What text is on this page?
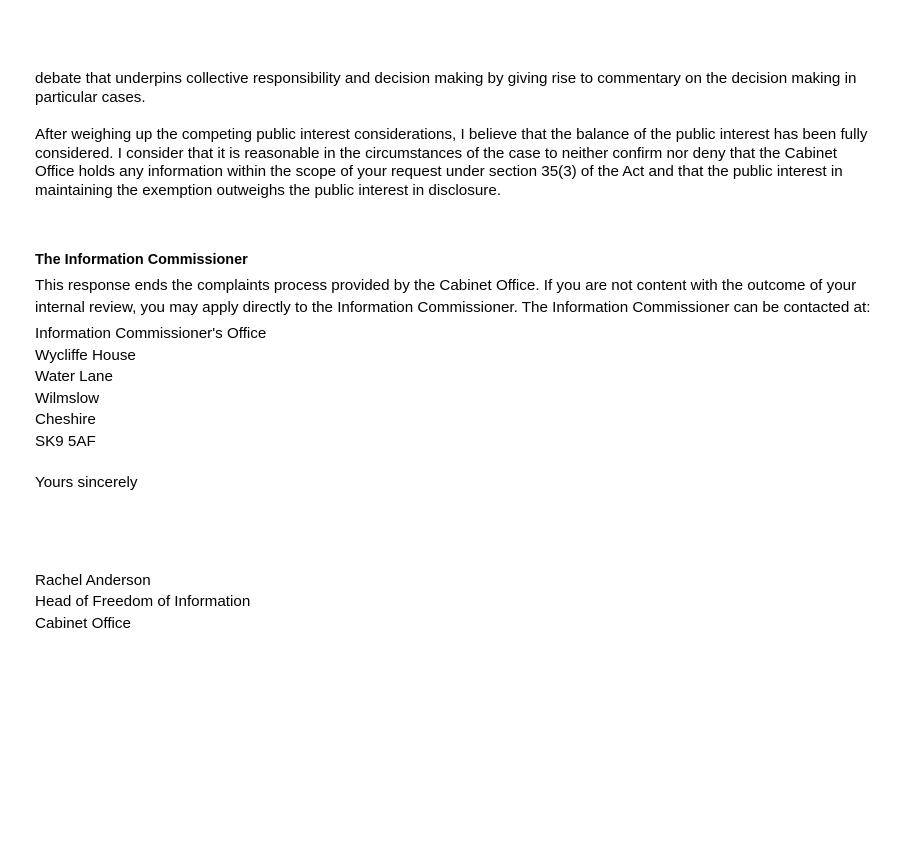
debate that underpins collective responsibility and decision making by giving rise to commentary on the decision making in particular cases.

After weighing up the competing public interest considerations, I believe that the balance of the public interest has been fully considered. I consider that it is reasonable in the circumstances of the case to neither confirm nor deny that the Cabinet Office holds any information within the scope of your request under section 35(3) of the Act and that the public interest in maintaining the exemption outweighs the public interest in disclosure.

The Information Commissioner

This response ends the complaints process provided by the Cabinet Office. If you are not content with the outcome of your internal review, you may apply directly to the Information Commissioner. The Information Commissioner can be contacted at:

Information Commissioner's Office
Wycliffe House
Water Lane
Wilmslow
Cheshire
SK9 5AF
Yours sincerely
Rachel Anderson
Head of Freedom of Information
Cabinet Office
